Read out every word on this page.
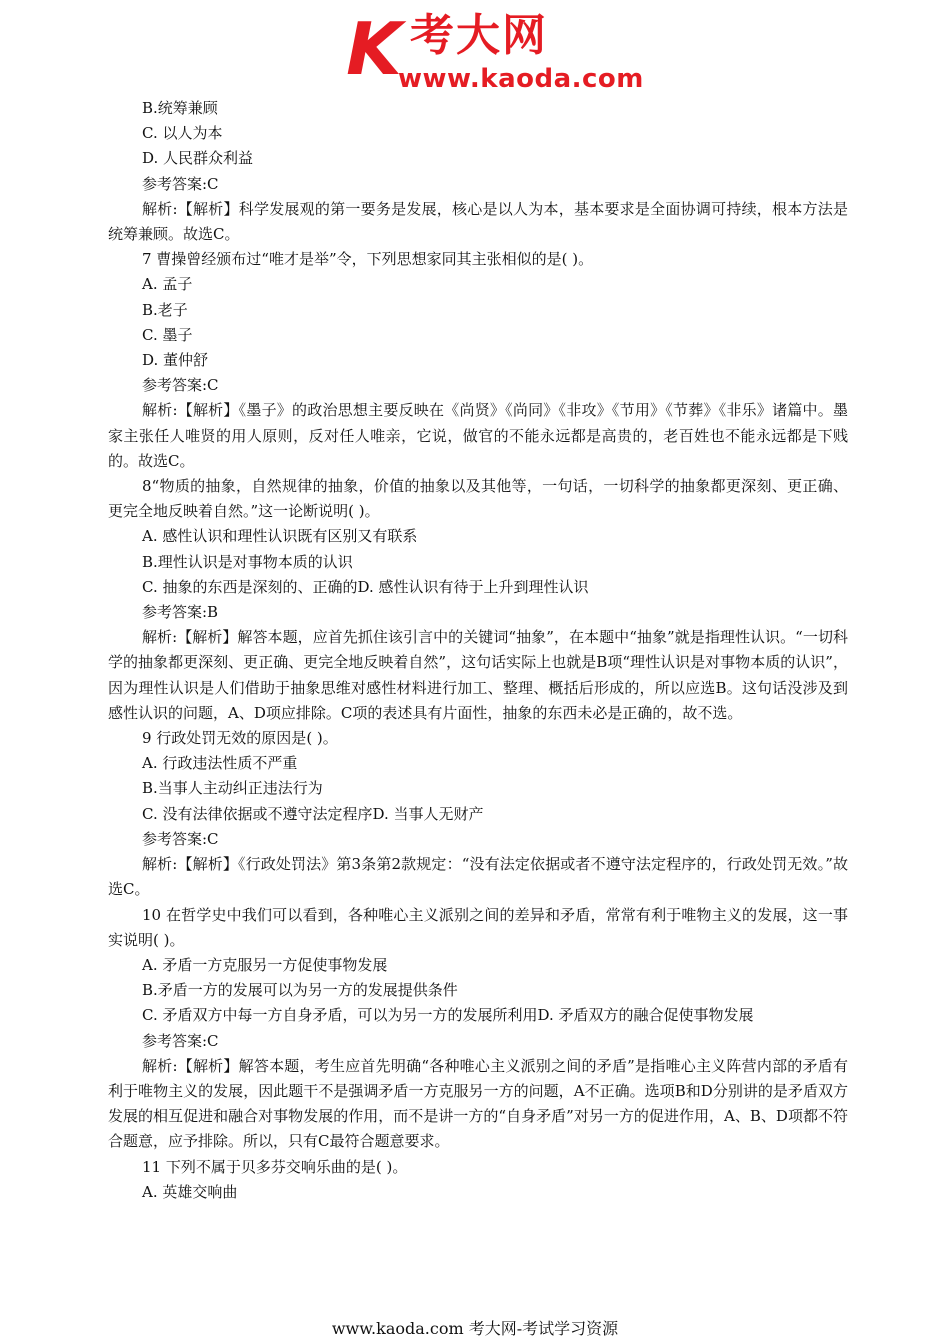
K 考大网
www.kaoda.com

B.统筹兼顾

C. 以人为本

D. 人民群众利益

参考答案:C

解析:【解析】科学发展观的第一要务是发展，核心是以人为本，基本要求是全面协调可持续，根本方法是统筹兼顾。故选C。

7 曹操曾经颁布过“唯才是举”令，下列思想家同其主张相似的是( )。

A. 孟子

B.老子

C. 墨子

D. 董仲舒

参考答案:C

解析:【解析】《墨子》的政治思想主要反映在《尚贤》《尚同》《非攻》《节用》《节葬》《非乐》诸篇中。墨家主张任人唯贤的用人原则，反对任人唯亲，它说，做官的不能永远都是高贵的，老百姓也不能永远都是下贱的。故选C。

8“物质的抽象，自然规律的抽象，价值的抽象以及其他等，一句话，一切科学的抽象都更深刻、更正确、更完全地反映着自然。”这一论断说明( )。

A. 感性认识和理性认识既有区别又有联系

B.理性认识是对事物本质的认识

C. 抽象的东西是深刻的、正确的D. 感性认识有待于上升到理性认识

参考答案:B

解析:【解析】解答本题，应首先抓住该引言中的关键词“抽象”，在本题中“抽象”就是指理性认识。“一切科学的抽象都更深刻、更正确、更完全地反映着自然”，这句话实际上也就是B项“理性认识是对事物本质的认识”，因为理性认识是人们借助于抽象思维对感性材料进行加工、整理、概括后形成的，所以应选B。这句话没涉及到感性认识的问题，A、D项应排除。C项的表述具有片面性，抽象的东西未必是正确的，故不选。

9 行政处罚无效的原因是( )。

A. 行政违法性质不严重

B.当事人主动纠正违法行为

C. 没有法律依据或不遵守法定程序D. 当事人无财产

参考答案:C

解析:【解析】《行政处罚法》第3条第2款规定：“没有法定依据或者不遵守法定程序的，行政处罚无效。”故选C。

10 在哲学史中我们可以看到，各种唯心主义派别之间的差异和矛盾，常常有利于唯物主义的发展，这一事实说明( )。

A. 矛盾一方克服另一方促使事物发展

B.矛盾一方的发展可以为另一方的发展提供条件

C. 矛盾双方中每一方自身矛盾，可以为另一方的发展所利用D. 矛盾双方的融合促使事物发展

参考答案:C

解析:【解析】解答本题，考生应首先明确“各种唯心主义派别之间的矛盾”是指唯心主义阵营内部的矛盾有利于唯物主义的发展，因此题干不是强调矛盾一方克服另一方的问题，A不正确。选项B和D分别讲的是矛盾双方发展的相互促进和融合对事物发展的作用，而不是讲一方的“自身矛盾”对另一方的促进作用，A、B、D项都不符合题意，应予排除。所以，只有C最符合题意要求。

11 下列不属于贝多芬交响乐曲的是( )。

A. 英雄交响曲

www.kaoda.com 考大网-考试学习资源
